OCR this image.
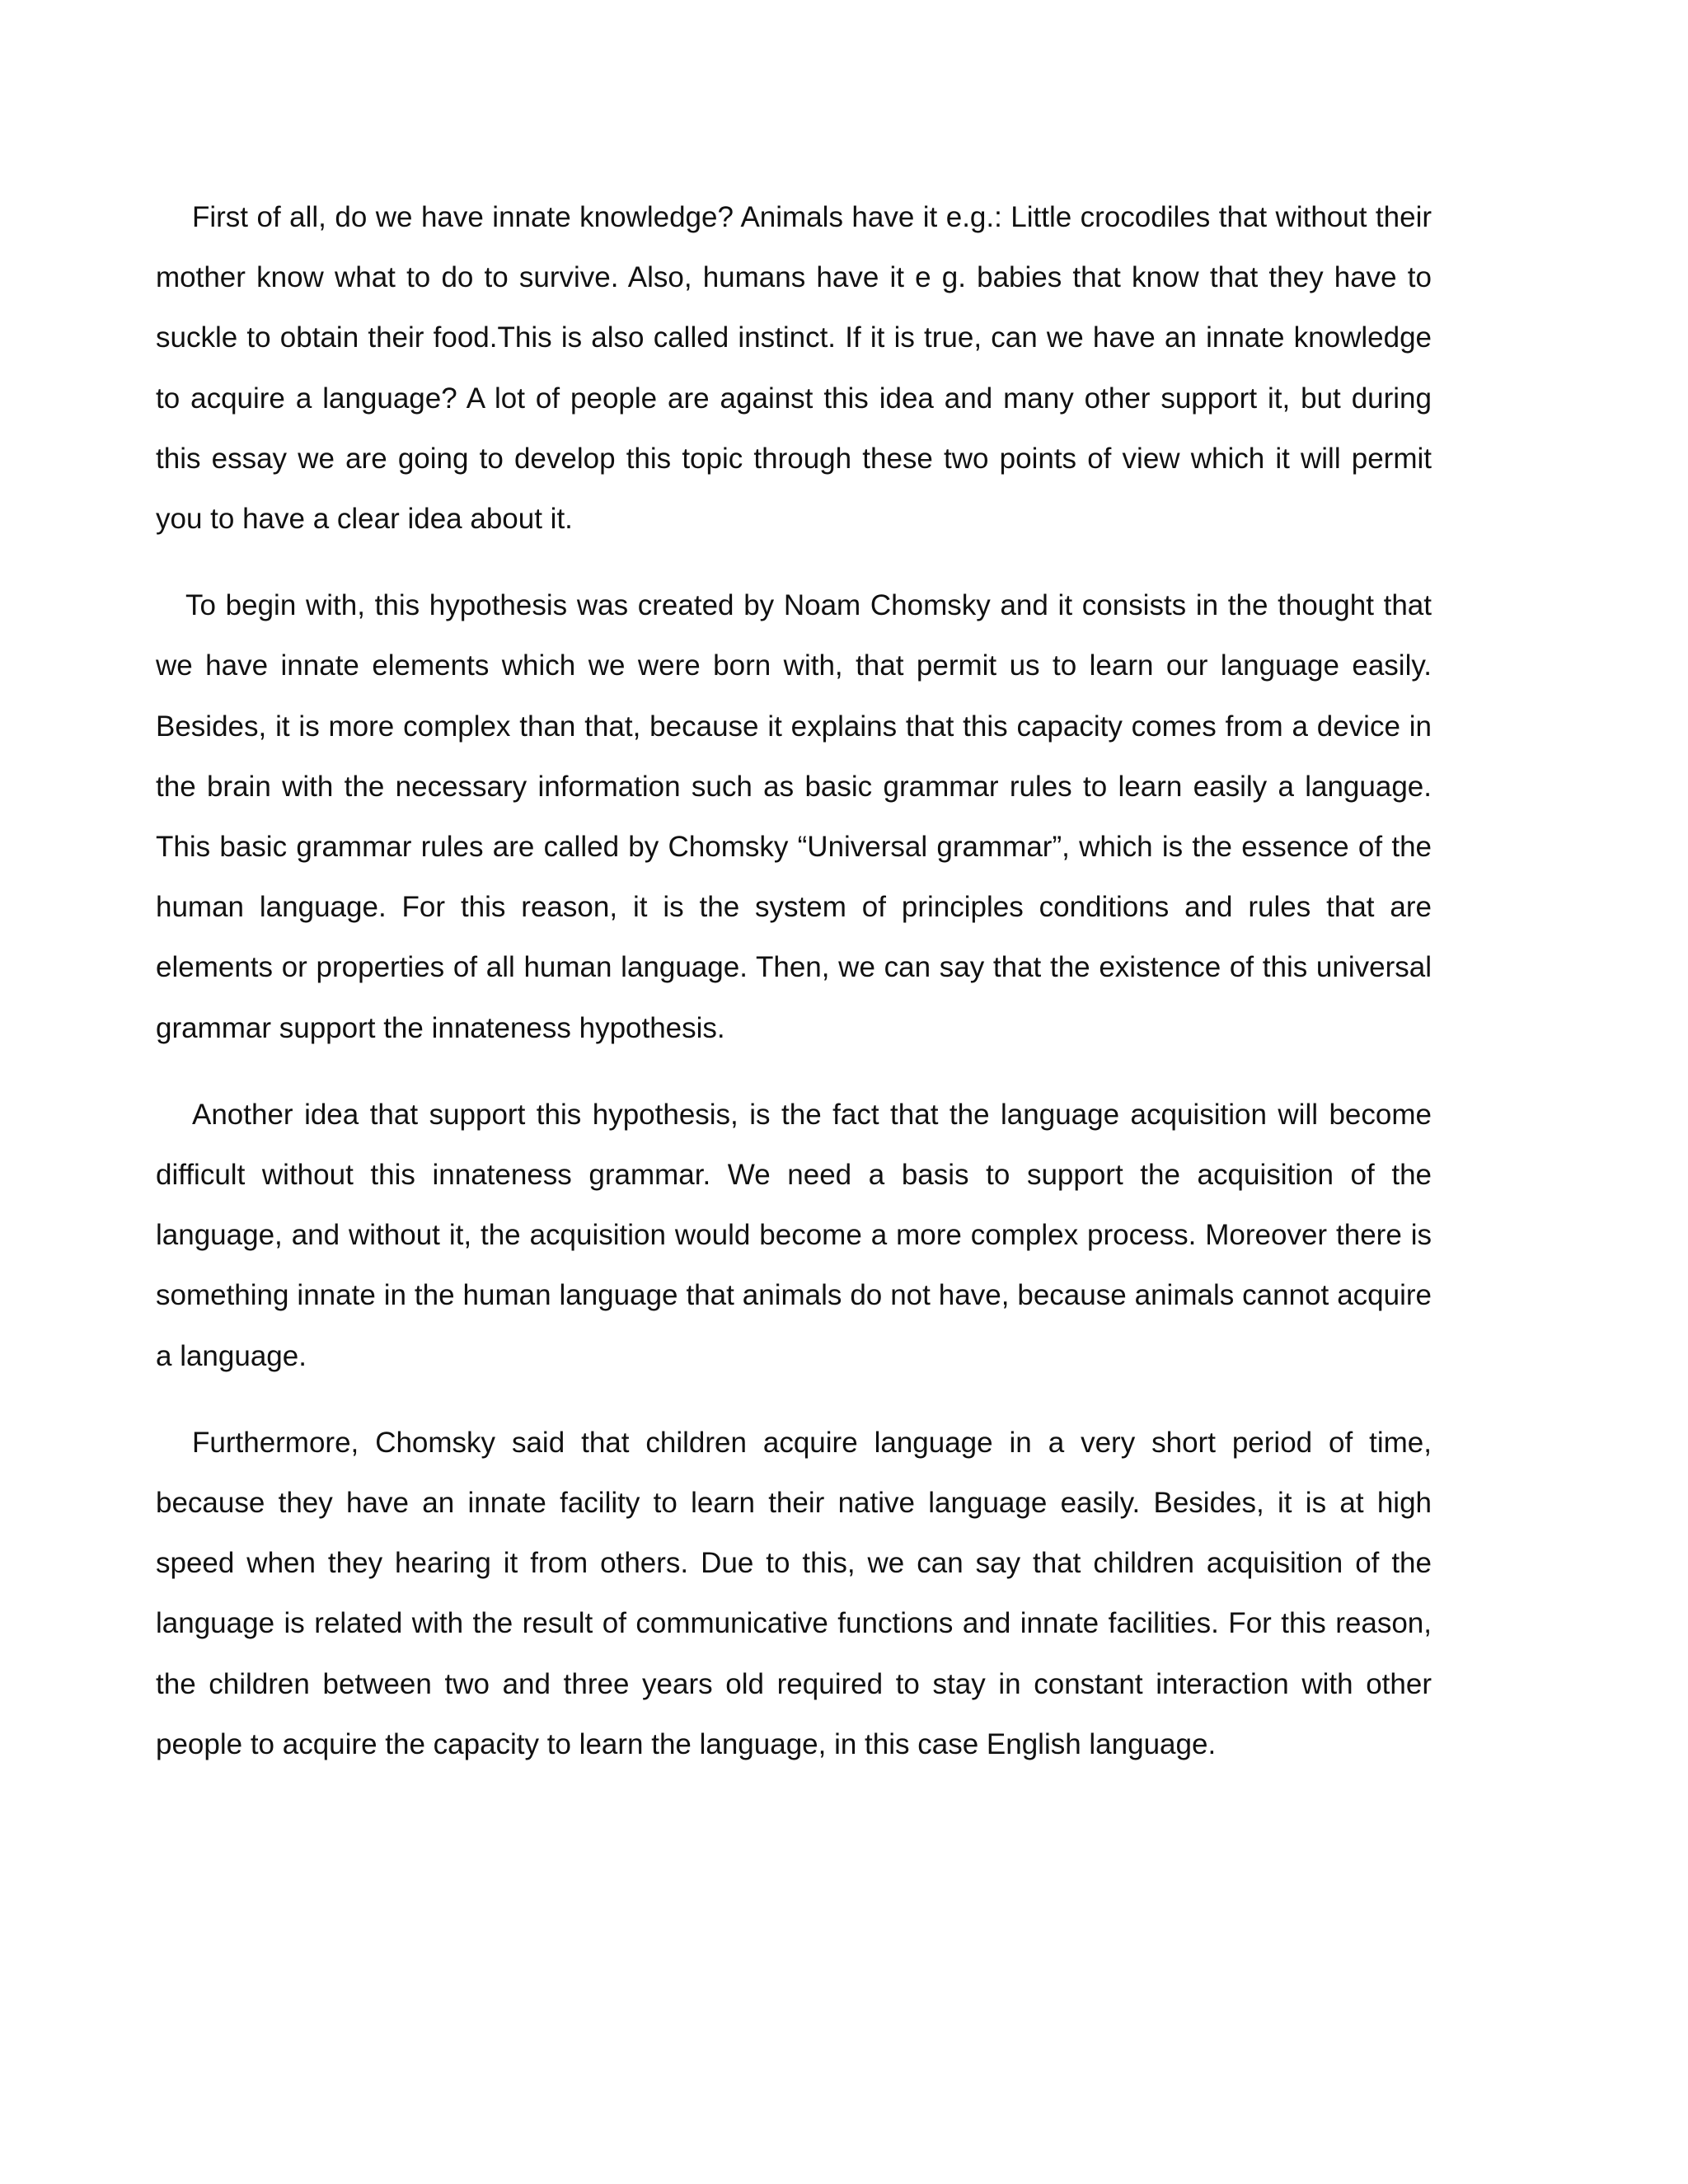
First of all, do we have innate knowledge? Animals have it e.g.: Little crocodiles that without their mother know what to do to survive. Also, humans have it e g. babies that know that they have to suckle to obtain their food.This is also called instinct. If it is true, can we have an innate knowledge to acquire a language? A lot of people are against this idea and many other support it, but during this essay we are going to develop this topic through these two points of view which it will permit you to have a clear idea about it.

To begin with, this hypothesis was created by Noam Chomsky and it consists in the thought that we have innate elements which we were born with, that permit us to learn our language easily. Besides, it is more complex than that, because it explains that this capacity comes from a device in the brain with the necessary information such as basic grammar rules to learn easily a language. This basic grammar rules are called by Chomsky “Universal grammar”, which is the essence of the human language. For this reason, it is the system of principles conditions and rules that are elements or properties of all human language. Then, we can say that the existence of this universal grammar support the innateness hypothesis.

Another idea that support this hypothesis, is the fact that the language acquisition will become difficult without this innateness grammar. We need a basis to support the acquisition of the language, and without it, the acquisition would become a more complex process. Moreover there is something innate in the human language that animals do not have, because animals cannot acquire a language.

Furthermore, Chomsky said that children acquire language in a very short period of time, because they have an innate facility to learn their native language easily. Besides, it is at high speed when they hearing it from others. Due to this, we can say that children acquisition of the language is related with the result of communicative functions and innate facilities. For this reason, the children between two and three years old required to stay in constant interaction with other people to acquire the capacity to learn the language, in this case English language.
